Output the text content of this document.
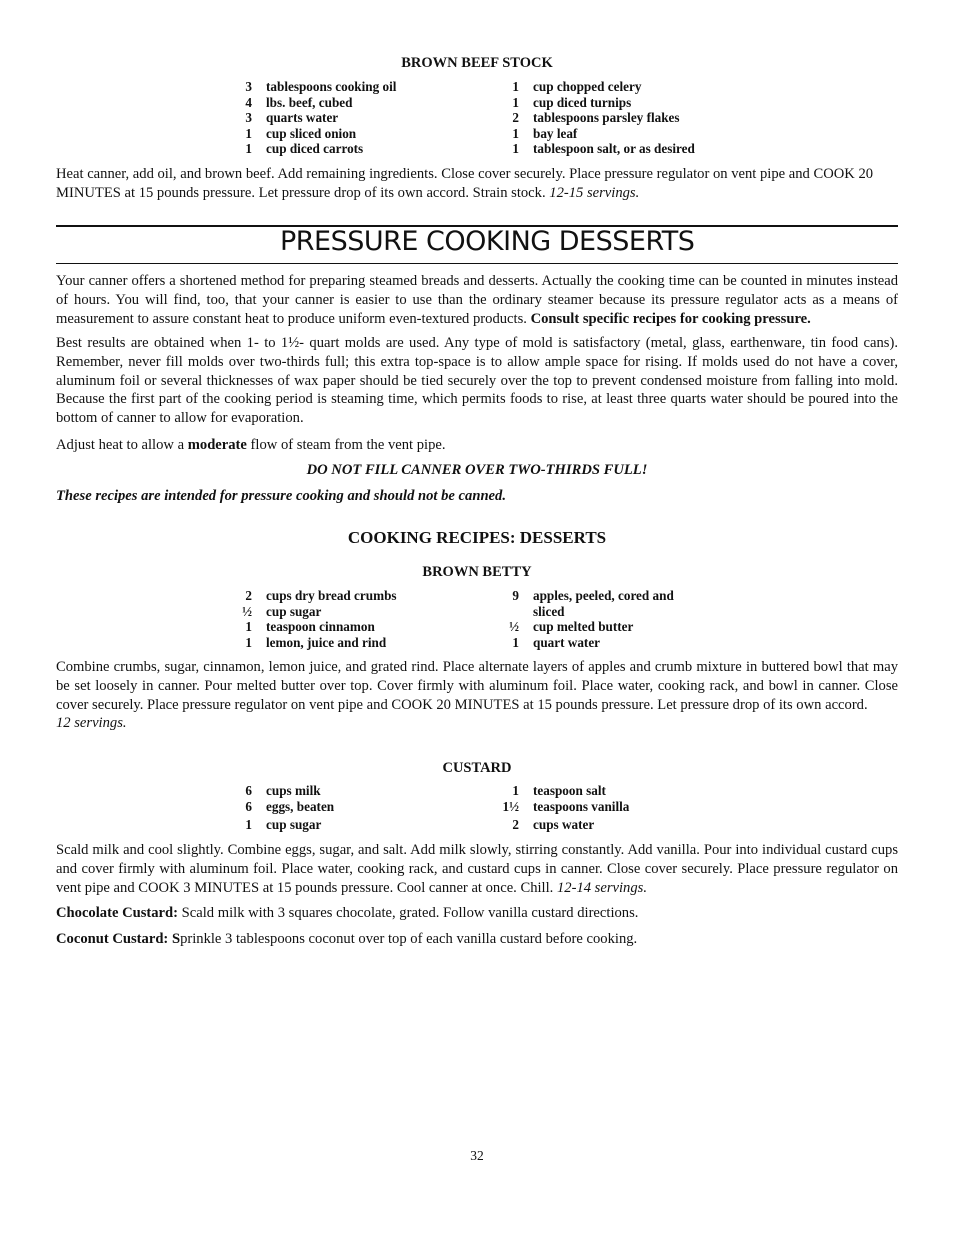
BROWN BEEF STOCK
3 tablespoons cooking oil	1 cup chopped celery
4 lbs. beef, cubed	1 cup diced turnips
3 quarts water	2 tablespoons parsley flakes
1 cup sliced onion	1 bay leaf
1 cup diced carrots	1 tablespoon salt, or as desired
Heat canner, add oil, and brown beef. Add remaining ingredients. Close cover securely. Place pressure regulator on vent pipe and COOK 20 MINUTES at 15 pounds pressure. Let pressure drop of its own accord. Strain stock. 12-15 servings.
PRESSURE COOKING DESSERTS
Your canner offers a shortened method for preparing steamed breads and desserts. Actually the cooking time can be counted in minutes instead of hours. You will find, too, that your canner is easier to use than the ordinary steamer because its pressure regulator acts as a means of measurement to assure constant heat to produce uniform even-textured products. Consult specific recipes for cooking pressure.
Best results are obtained when 1- to 1½- quart molds are used. Any type of mold is satisfactory (metal, glass, earthenware, tin food cans). Remember, never fill molds over two-thirds full; this extra top-space is to allow ample space for rising. If molds used do not have a cover, aluminum foil or several thicknesses of wax paper should be tied securely over the top to prevent condensed moisture from falling into mold. Because the first part of the cooking period is steaming time, which permits foods to rise, at least three quarts water should be poured into the bottom of canner to allow for evaporation.
Adjust heat to allow a moderate flow of steam from the vent pipe.
DO NOT FILL CANNER OVER TWO-THIRDS FULL!
These recipes are intended for pressure cooking and should not be canned.
COOKING RECIPES: DESSERTS
BROWN BETTY
2 cups dry bread crumbs	9 apples, peeled, cored and sliced
½ cup sugar
1 teaspoon cinnamon	½ cup melted butter
1 lemon, juice and rind	1 quart water
Combine crumbs, sugar, cinnamon, lemon juice, and grated rind. Place alternate layers of apples and crumb mixture in buttered bowl that may be set loosely in canner. Pour melted butter over top. Cover firmly with aluminum foil. Place water, cooking rack, and bowl in canner. Close cover securely. Place pressure regulator on vent pipe and COOK 20 MINUTES at 15 pounds pressure. Let pressure drop of its own accord.
12 servings.
CUSTARD
6 cups milk	1 teaspoon salt
6 eggs, beaten	1½ teaspoons vanilla
1 cup sugar	2 cups water
Scald milk and cool slightly. Combine eggs, sugar, and salt. Add milk slowly, stirring constantly. Add vanilla. Pour into individual custard cups and cover firmly with aluminum foil. Place water, cooking rack, and custard cups in canner. Close cover securely. Place pressure regulator on vent pipe and COOK 3 MINUTES at 15 pounds pressure. Cool canner at once. Chill. 12-14 servings.
Chocolate Custard: Scald milk with 3 squares chocolate, grated. Follow vanilla custard directions.
Coconut Custard: Sprinkle 3 tablespoons coconut over top of each vanilla custard before cooking.
32
